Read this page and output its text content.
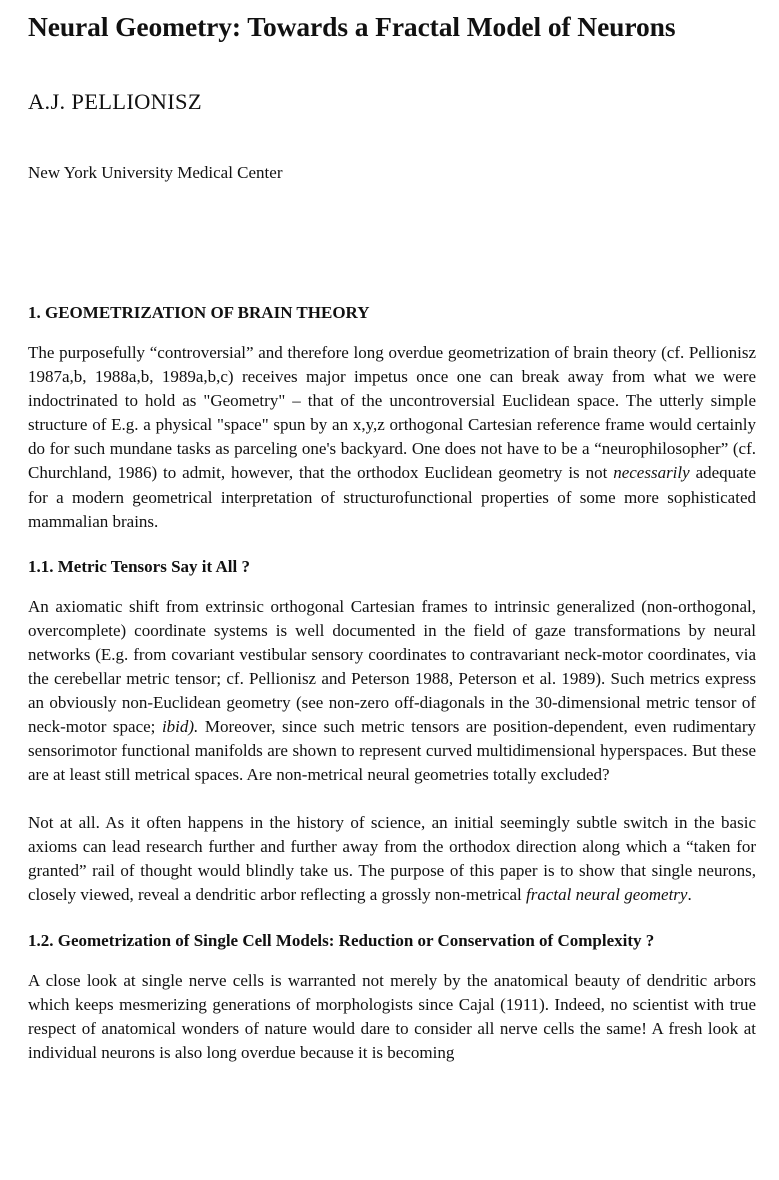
Neural Geometry: Towards a Fractal Model of Neurons
A.J. PELLIONISZ
New York University Medical Center
1. GEOMETRIZATION OF BRAIN THEORY

The purposefully “controversial” and therefore long overdue geometrization of brain theory (cf. Pellionisz 1987a,b, 1988a,b, 1989a,b,c) receives major impetus once one can break away from what we were indoctrinated to hold as "Geometry" – that of the uncontroversial Euclidean space. The utterly simple structure of E.g. a physical "space" spun by an x,y,z orthogonal Cartesian reference frame would certainly do for such mundane tasks as parceling one's backyard. One does not have to be a “neurophilosopher” (cf. Churchland, 1986) to admit, however, that the orthodox Euclidean geometry is not necessarily adequate for a modern geometrical interpretation of structurofunctional properties of some more sophisticated mammalian brains.

1.1. Metric Tensors Say it All ?

An axiomatic shift from extrinsic orthogonal Cartesian frames to intrinsic generalized (non-orthogonal, overcomplete) coordinate systems is well documented in the field of gaze transformations by neural networks (E.g. from covariant vestibular sensory coordinates to contravariant neck-motor coordinates, via the cerebellar metric tensor; cf. Pellionisz and Peterson 1988, Peterson et al. 1989). Such metrics express an obviously non-Euclidean geometry (see non-zero off-diagonals in the 30-dimensional metric tensor of neck-motor space; ibid). Moreover, since such metric tensors are position-dependent, even rudimentary sensorimotor functional manifolds are shown to represent curved multidimensional hyperspaces. But these are at least still metrical spaces. Are non-metrical neural geometries totally excluded?

Not at all. As it often happens in the history of science, an initial seemingly subtle switch in the basic axioms can lead research further and further away from the orthodox direction along which a “taken for granted” rail of thought would blindly take us. The purpose of this paper is to show that single neurons, closely viewed, reveal a dendritic arbor reflecting a grossly non-metrical fractal neural geometry.

1.2. Geometrization of Single Cell Models: Reduction or Conservation of Complexity ?

A close look at single nerve cells is warranted not merely by the anatomical beauty of dendritic arbors which keeps mesmerizing generations of morphologists since Cajal (1911). Indeed, no scientist with true respect of anatomical wonders of nature would dare to consider all nerve cells the same! A fresh look at individual neurons is also long overdue because it is becoming
